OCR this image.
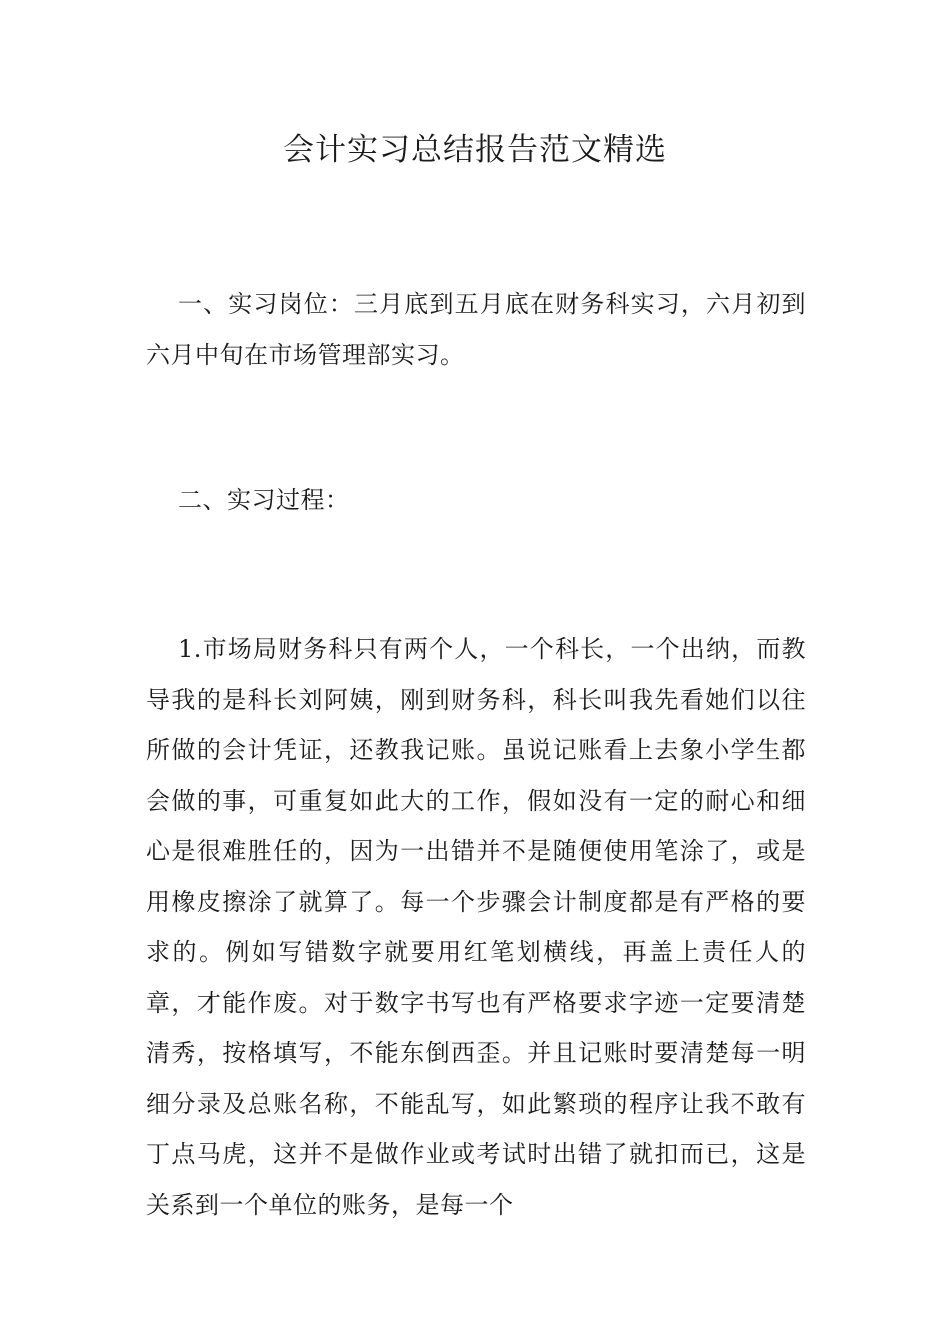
会计实习总结报告范文精选

一、实习岗位：三月底到五月底在财务科实习，六月初到六月中旬在市场管理部实习。

二、实习过程：

1.市场局财务科只有两个人，一个科长，一个出纳，而教导我的是科长刘阿姨，刚到财务科，科长叫我先看她们以往所做的会计凭证，还教我记账。虽说记账看上去象小学生都会做的事，可重复如此大的工作，假如没有一定的耐心和细心是很难胜任的，因为一出错并不是随便使用笔涂了，或是用橡皮擦涂了就算了。每一个步骤会计制度都是有严格的要求的。例如写错数字就要用红笔划横线，再盖上责任人的章，才能作废。对于数字书写也有严格要求字迹一定要清楚清秀，按格填写，不能东倒西歪。并且记账时要清楚每一明细分录及总账名称，不能乱写，如此繁琐的程序让我不敢有丁点马虎，这并不是做作业或考试时出错了就扣而已，这是关系到一个单位的账务，是每一个
